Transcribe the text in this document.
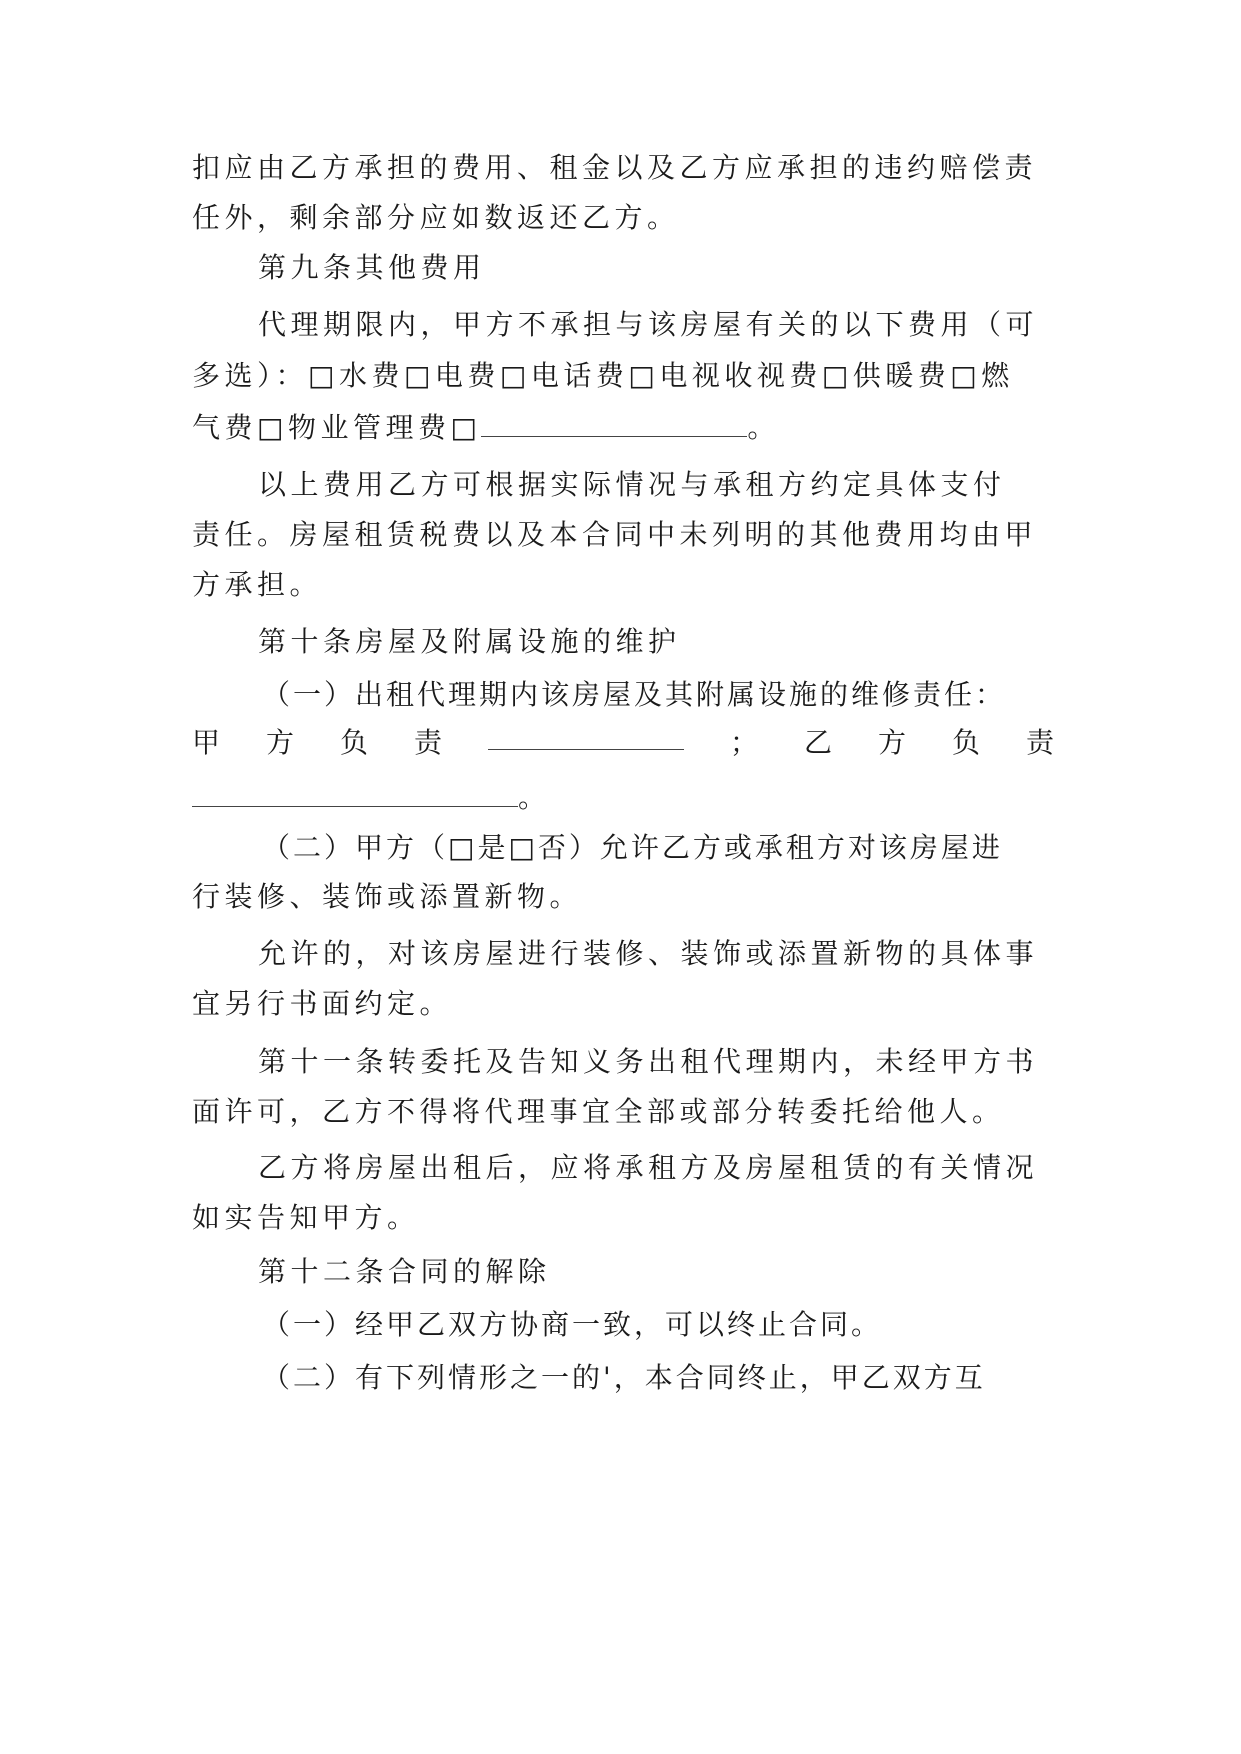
扣应由乙方承担的费用、租金以及乙方应承担的违约赔偿责
任外，剩余部分应如数返还乙方。
第九条其他费用
代理期限内，甲方不承担与该房屋有关的以下费用（可
多选）：□水费□电费□电话费□电视收视费□供暖费□燃
气费□物业管理费□	。
以上费用乙方可根据实际情况与承租方约定具体支付
责任。房屋租赁税费以及本合同中未列明的其他费用均由甲
方承担。
第十条房屋及附属设施的维护
（一）出租代理期内该房屋及其附属设施的维修责任：
甲 方 负 责	； 乙 方 负 责
。
（二）甲方（□是□否）允许乙方或承租方对该房屋进
行装修、装饰或添置新物。
允许的，对该房屋进行装修、装饰或添置新物的具体事
宜另行书面约定。
第十一条转委托及告知义务出租代理期内，未经甲方书
面许可，乙方不得将代理事宜全部或部分转委托给他人。
乙方将房屋出租后，应将承租方及房屋租赁的有关情况
如实告知甲方。
第十二条合同的解除
（一）经甲乙双方协商一致，可以终止合同。
（二）有下列情形之一的'，本合同终止，甲乙双方互
